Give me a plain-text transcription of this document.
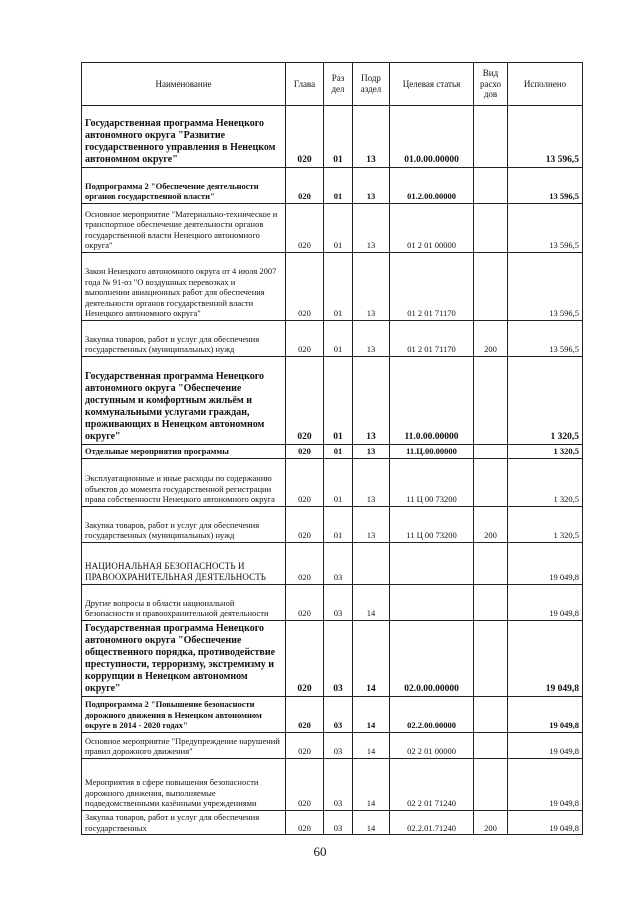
Наименование	Глава	Раз дел	Подр аздел	Целевая статья	Вид расхо дов	Исполнено
Государственная программа Ненецкого автономного округа "Развитие государственного управления в Ненецком автономном округе"	020	01	13	01.0.00.00000		13 596,5
Подпрограмма 2 "Обеспечение деятельности органов государственной власти"	020	01	13	01.2.00.00000		13 596,5
Основное мероприятие "Материально-техническое и транспортное обеспечение деятельности органов государственной власти Ненецкого автономного округа"	020	01	13	01 2 01 00000		13 596,5
Закон Ненецкого автономного округа от 4 июля 2007 года № 91-оз "О воздушных перевозках и выполнении авиационных работ для обеспечения деятельности органов государственной власти Ненецкого автономного округа"	020	01	13	01 2 01 71170		13 596,5
Закупка товаров, работ и услуг для обеспечения государственных (муниципальных) нужд	020	01	13	01 2 01 71170	200	13 596,5
Государственная программа Ненецкого автономного округа "Обеспечение доступным и комфортным жильём и коммунальными услугами граждан, проживающих в Ненецком автономном округе"	020	01	13	11.0.00.00000		1 320,5
Отдельные мероприятия программы	020	01	13	11.Ц.00.00000		1 320,5
Эксплуатационные и иные расходы по содержанию объектов до момента государственной регистрации права собственности Ненецкого автономного округа	020	01	13	11 Ц 00 73200		1 320,5
Закупка товаров, работ и услуг для обеспечения государственных (муниципальных) нужд	020	01	13	11 Ц 00 73200	200	1 320,5
НАЦИОНАЛЬНАЯ БЕЗОПАСНОСТЬ И ПРАВООХРАНИТЕЛЬНАЯ ДЕЯТЕЛЬНОСТЬ	020	03				19 049,8
Другие вопросы в области национальной безопасности и правоохранительной деятельности	020	03	14			19 049,8
Государственная программа Ненецкого автономного округа "Обеспечение общественного порядка, противодействие преступности, терроризму, экстремизму и коррупции в Ненецком автономном округе"	020	03	14	02.0.00.00000		19 049,8
Подпрограмма 2 "Повышение безопасности дорожного движения в Ненецком автономном округе в 2014 - 2020 годах"	020	03	14	02.2.00.00000		19 049,8
Основное мероприятие "Предупреждение нарушений правил дорожного движения"	020	03	14	02 2 01 00000		19 049,8
Мероприятия в сфере повышения безопасности дорожного движения, выполняемые подведомственными казёнными учреждениями	020	03	14	02 2 01 71240		19 049,8
Закупка товаров, работ и услуг для обеспечения государственных	020	03	14	02.2.01.71240	200	19 049,8
60
